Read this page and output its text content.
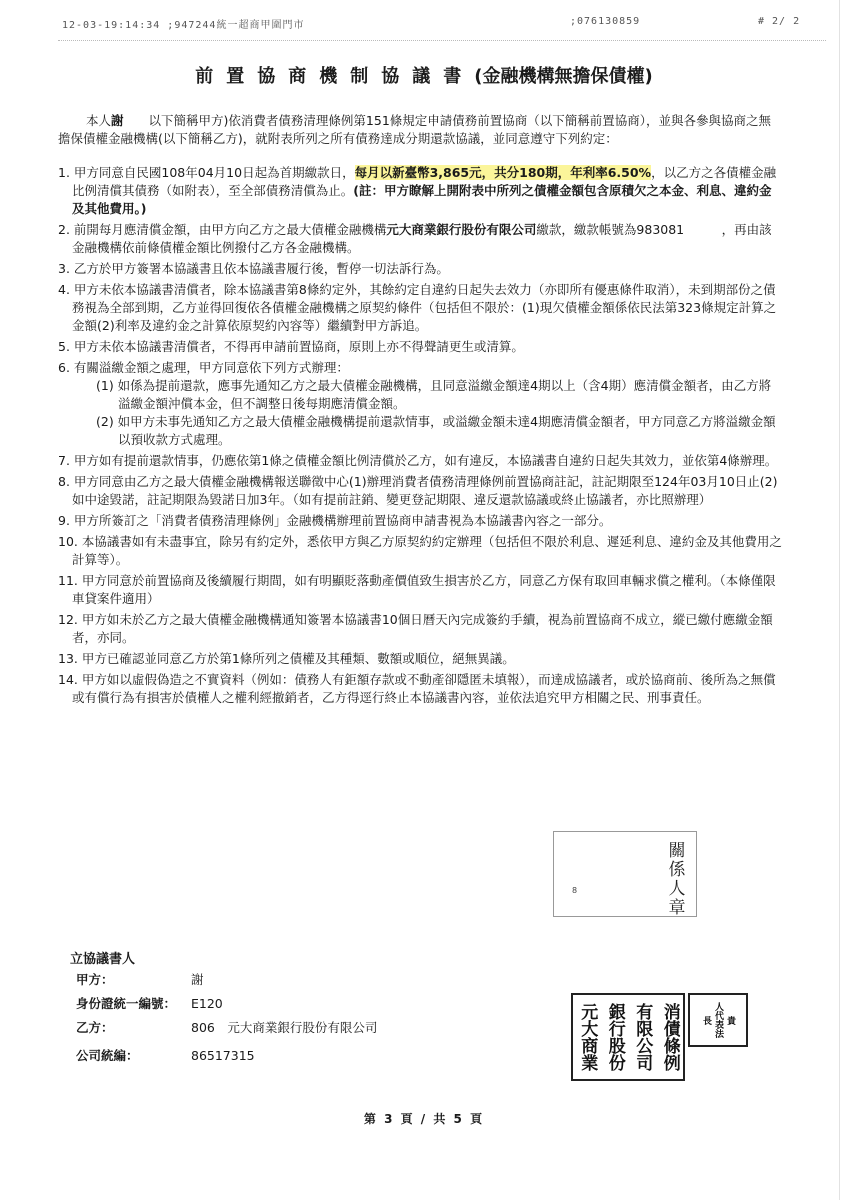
12-03-19:14:34 ;947244統一超商甲圍門市	;076130859	# 2/ 2
前置協商機制協議書(金融機構無擔保債權)
本人謝　　以下簡稱甲方)依消費者債務清理條例第151條規定申請債務前置協商（以下簡稱前置協商），並與各參與協商之無擔保債權金融機構(以下簡稱乙方)，就附表所列之所有債務達成分期還款協議，並同意遵守下列約定：
1. 甲方同意自民國108年04月10日起為首期繳款日，每月以新臺幣3,865元，共分180期，年利率6.50%，以乙方之各債權金融比例清償其債務（如附表），至全部債務清償為止。(註：甲方瞭解上開附表中所列之債權金額包含原積欠之本金、利息、違約金及其他費用。)
2. 前開每月應清償金額，由甲方向乙方之最大債權金融機構元大商業銀行股份有限公司繳款，繳款帳號為983081　　　，再由該金融機構依前條債權金額比例撥付乙方各金融機構。
3. 乙方於甲方簽署本協議書且依本協議書履行後，暫停一切法訴行為。
4. 甲方未依本協議書清償者，除本協議書第8條約定外，其餘約定自違約日起失去效力（亦即所有優惠條件取消），未到期部份之債務視為全部到期，乙方並得回復依各債權金融機構之原契約條件（包括但不限於：(1)現欠債權金額係依民法第323條規定計算之金額(2)利率及違約金之計算依原契約內容等）繼續對甲方訴追。
5. 甲方未依本協議書清償者，不得再申請前置協商，原則上亦不得聲請更生或清算。
6. 有關溢繳金額之處理，甲方同意依下列方式辦理：
(1) 如係為提前還款，應事先通知乙方之最大債權金融機構，且同意溢繳金額達4期以上（含4期）應清償金額者，由乙方將溢繳金額沖償本金，但不調整日後每期應清償金額。
(2) 如甲方未事先通知乙方之最大債權金融機構提前還款情事，或溢繳金額未達4期應清償金額者，甲方同意乙方將溢繳金額以預收款方式處理。
7. 甲方如有提前還款情事，仍應依第1條之債權金額比例清償於乙方，如有違反，本協議書自違約日起失其效力，並依第4條辦理。
8. 甲方同意由乙方之最大債權金融機構報送聯徵中心(1)辦理消費者債務清理條例前置協商註記，註記期限至124年03月10日止(2)如中途毀諾，註記期限為毀諾日加3年。（如有提前註銷、變更登記期限、違反還款協議或終止協議者，亦比照辦理）
9. 甲方所簽訂之「消費者債務清理條例」金融機構辦理前置協商申請書視為本協議書內容之一部分。
10. 本協議書如有未盡事宜，除另有約定外，悉依甲方與乙方原契約約定辦理（包括但不限於利息、遲延利息、違約金及其他費用之計算等）。
11. 甲方同意於前置協商及後續履行期間，如有明顯貶落動產價值致生損害於乙方，同意乙方保有取回車輛求償之權利。（本條僅限車貸案件適用）
12. 甲方如未於乙方之最大債權金融機構通知簽署本協議書10個日曆天內完成簽約手續，視為前置協商不成立，縱已繳付應繳金額者，亦同。
13. 甲方已確認並同意乙方於第1條所列之債權及其種類、數額或順位，絕無異議。
14. 甲方如以虛假偽造之不實資料（例如：債務人有鉅額存款或不動產卻隱匿未填報），而達成協議者，或於協商前、後所為之無償或有償行為有損害於債權人之權利經撤銷者，乙方得逕行終止本協議書內容，並依法追究甲方相關之民、刑事責任。
8
關係人章
立協議書人
甲方：	謝
身份證統一編號： E120
乙方：	806　元大商業銀行股份有限公司
公司統編：	86517315	元大商業 銀行股份 有限公司 消債條例 長 人代表法 貴
第 3 頁 / 共 5 頁
